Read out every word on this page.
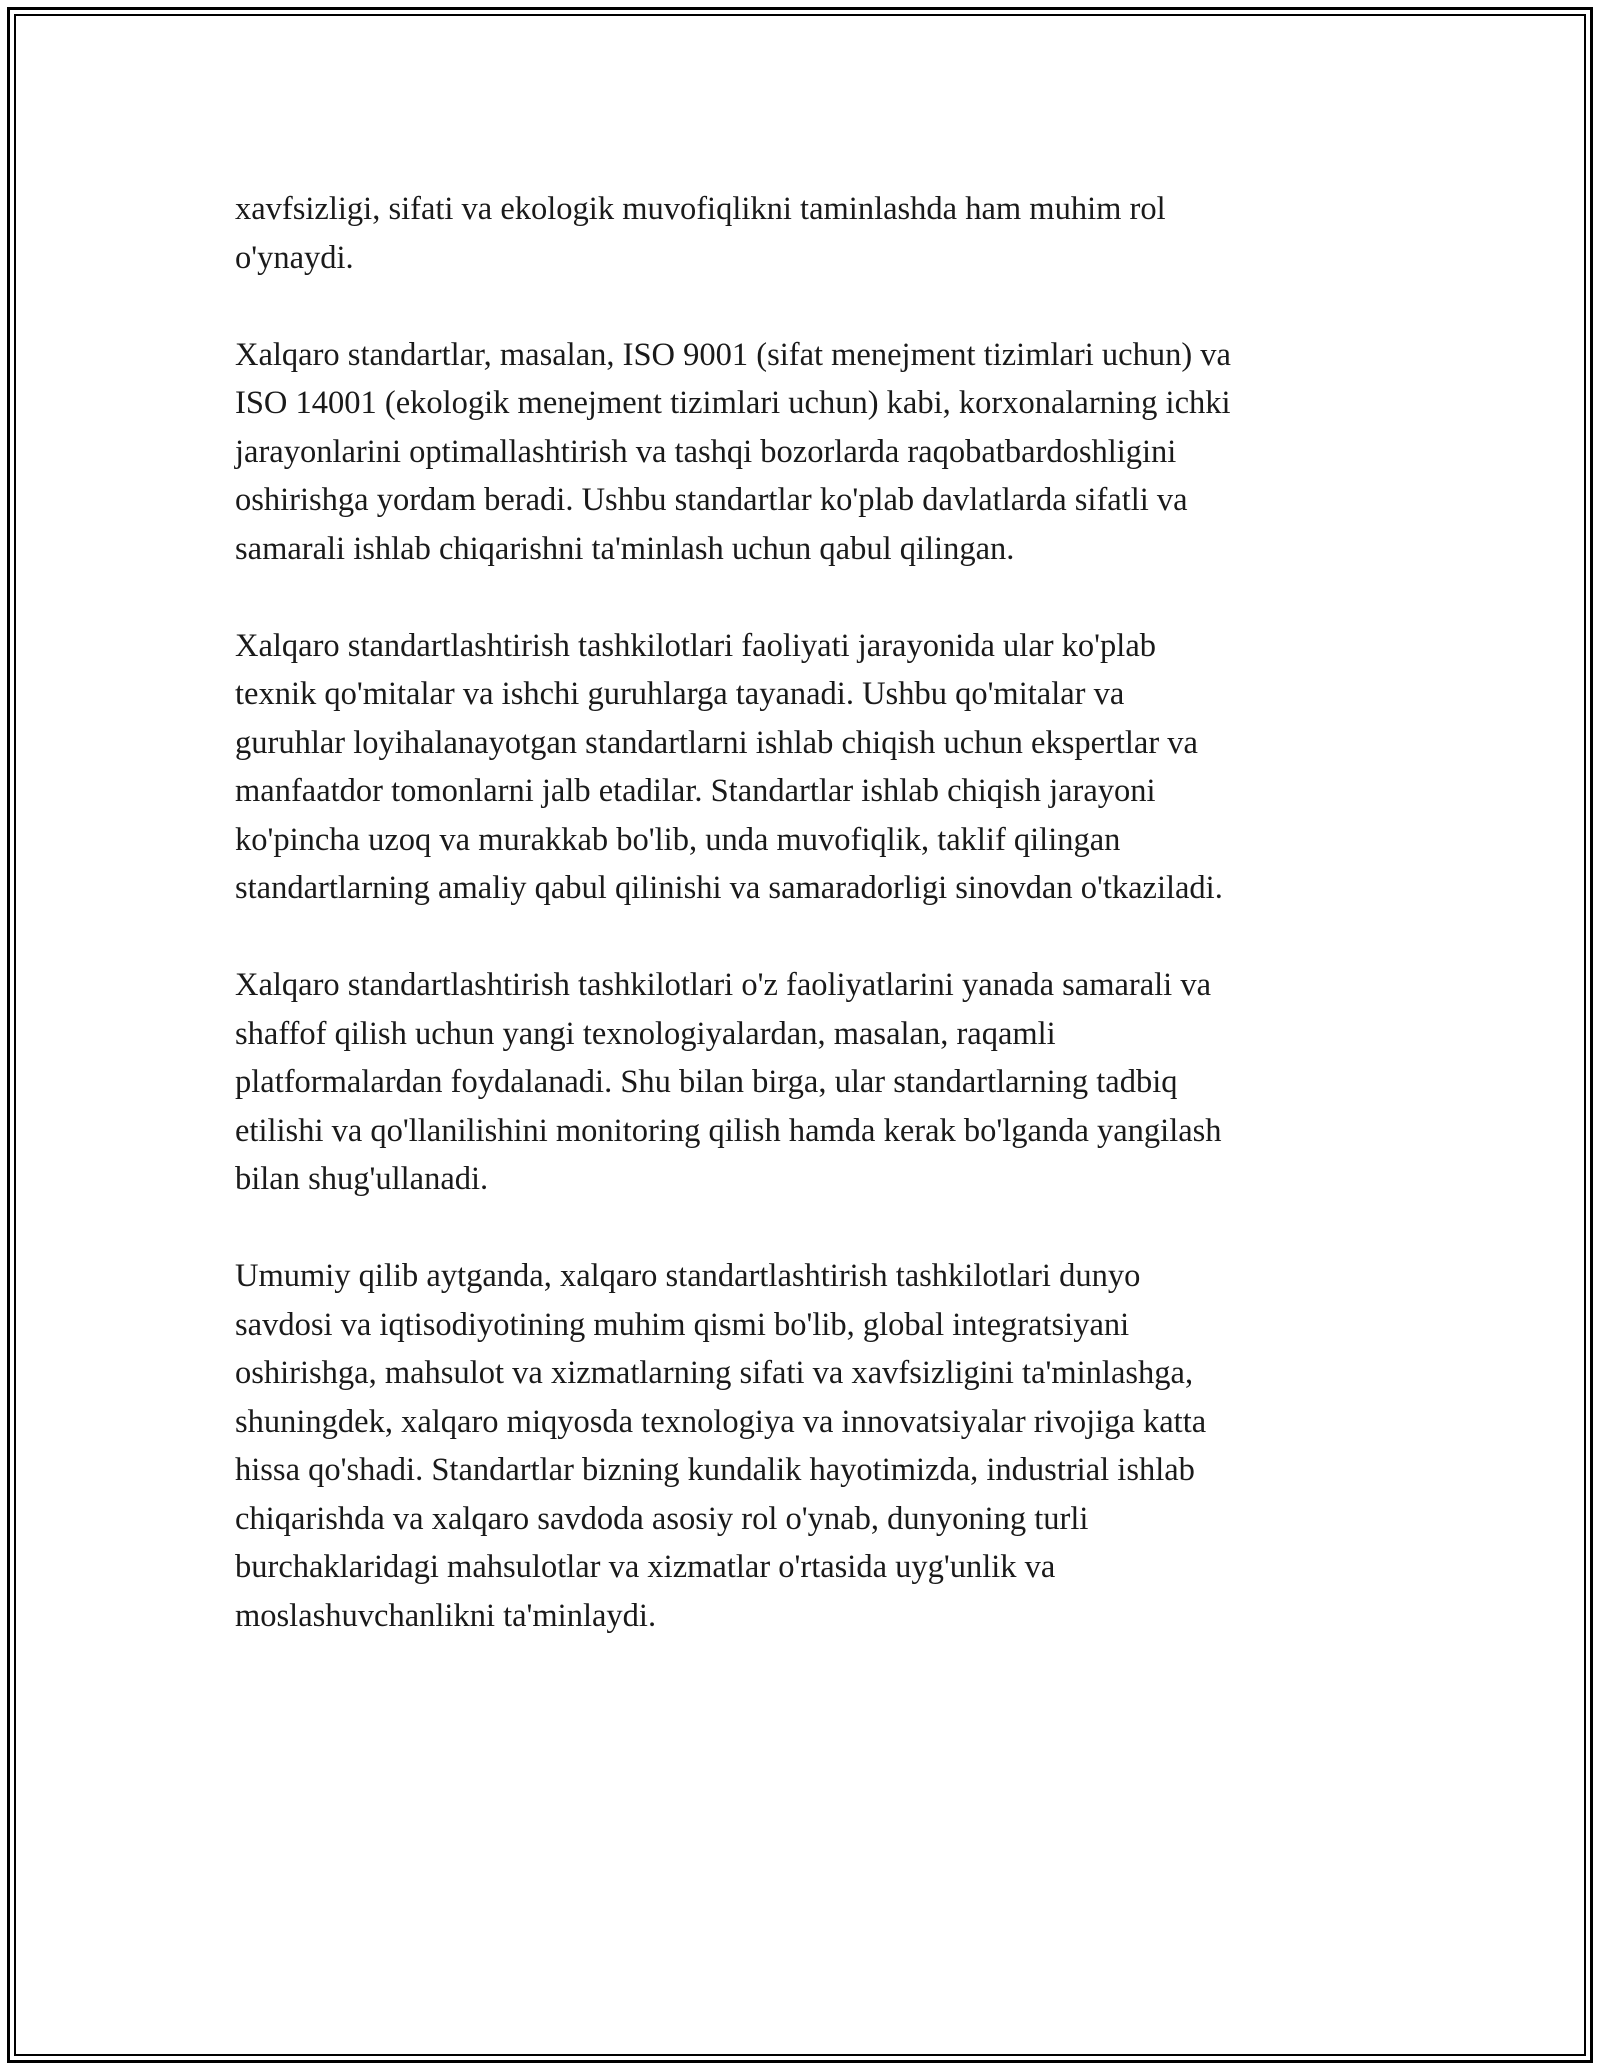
xavfsizligi, sifati va ekologik muvofiqlikni taminlashda ham muhim rol
o'ynaydi.

Xalqaro standartlar, masalan, ISO 9001 (sifat menejment tizimlari uchun) va
ISO 14001 (ekologik menejment tizimlari uchun) kabi, korxonalarning ichki
jarayonlarini optimallashtirish va tashqi bozorlarda raqobatbardoshligini
oshirishga yordam beradi. Ushbu standartlar ko'plab davlatlarda sifatli va
samarali ishlab chiqarishni ta'minlash uchun qabul qilingan.

Xalqaro standartlashtirish tashkilotlari faoliyati jarayonida ular ko'plab
texnik qo'mitalar va ishchi guruhlarga tayanadi. Ushbu qo'mitalar va
guruhlar loyihalanayotgan standartlarni ishlab chiqish uchun ekspertlar va
manfaatdor tomonlarni jalb etadilar. Standartlar ishlab chiqish jarayoni
ko'pincha uzoq va murakkab bo'lib, unda muvofiqlik, taklif qilingan
standartlarning amaliy qabul qilinishi va samaradorligi sinovdan o'tkaziladi.

Xalqaro standartlashtirish tashkilotlari o'z faoliyatlarini yanada samarali va
shaffof qilish uchun yangi texnologiyalardan, masalan, raqamli
platformalardan foydalanadi. Shu bilan birga, ular standartlarning tadbiq
etilishi va qo'llanilishini monitoring qilish hamda kerak bo'lganda yangilash
bilan shug'ullanadi.

Umumiy qilib aytganda, xalqaro standartlashtirish tashkilotlari dunyo
savdosi va iqtisodiyotining muhim qismi bo'lib, global integratsiyani
oshirishga, mahsulot va xizmatlarning sifati va xavfsizligini ta'minlashga,
shuningdek, xalqaro miqyosda texnologiya va innovatsiyalar rivojiga katta
hissa qo'shadi. Standartlar bizning kundalik hayotimizda, industrial ishlab
chiqarishda va xalqaro savdoda asosiy rol o'ynab, dunyoning turli
burchaklaridagi mahsulotlar va xizmatlar o'rtasida uyg'unlik va
moslashuvchanlikni ta'minlaydi.
